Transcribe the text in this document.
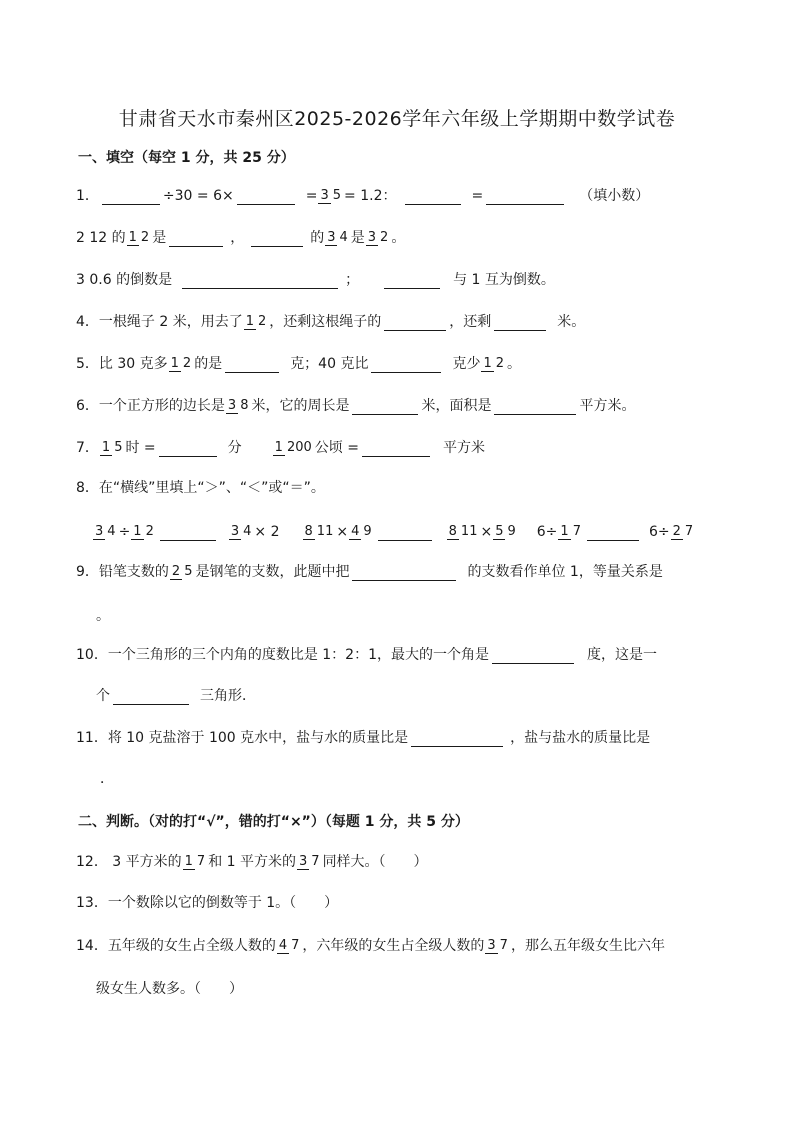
甘肃省天水市秦州区2025-2026学年六年级上学期期中数学试卷
一、填空（每空 1 分，共 25 分）
1．	÷30 = 6×	= 3 5 = 1.2：	=	（填小数）
2 12 的 1 2 是	，	的 3 4 是 3 2 。
3 0.6 的倒数是	；	与 1 互为倒数。
4．一根绳子 2 米，用去了 1 2 ，还剩这根绳子的	，还剩	米。
5．比 30 克多 1 2 的是	克；40 克比	克少 1 2 。
6．一个正方形的边长是 3 8 米，它的周长是	米，面积是	平方米。
7． 1 5 时 =	分	1 200 公顷 =	平方米
8．在“横线”里填上“＞”、“＜”或“＝”。
3 4 ÷ 1 2	3 4 × 2 8 11 × 4 9	8 11 × 5 9 6÷ 1 7	6÷ 2 7
9．铅笔支数的 2 5 是钢笔的支数，此题中把	的支数看作单位 1，等量关系是
。
10．一个三角形的三个内角的度数比是 1：2：1，最大的一个角是	度，这是一
个	三角形．
11．将 10 克盐溶于 100 克水中，盐与水的质量比是	，盐与盐水的质量比是
．
二、判断。（对的打“√”，错的打“×”）（每题 1 分，共 5 分）
12． 3 平方米的 1 7 和 1 平方米的 3 7 同样大。（　　）
13．一个数除以它的倒数等于 1。（　　）
14．五年级的女生占全级人数的 4 7 ，六年级的女生占全级人数的 3 7 ，那么五年级女生比六年
级女生人数多。（　　）
